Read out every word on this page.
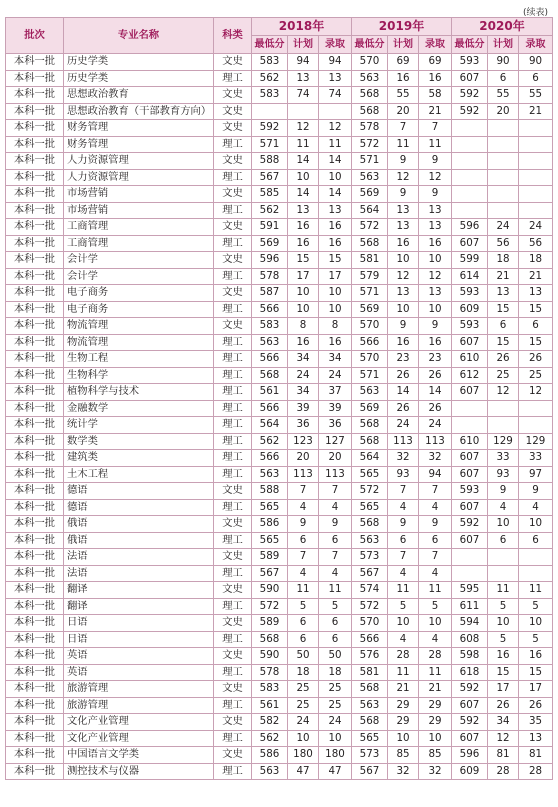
(续表)
批次	专业名称	科类	2018年			2019年			2020年		
			最低分	计划	录取	最低分	计划	录取	最低分	计划	录取
本科一批	历史学类	文史	583	94	94	570	69	69	593	90	90
本科一批	历史学类	理工	562	13	13	563	16	16	607	6	6
本科一批	思想政治教育	文史	583	74	74	568	55	58	592	55	55
本科一批	思想政治教育（干部教育方向）	文史				568	20	21	592	20	21
本科一批	财务管理	文史	592	12	12	578	7	7			
本科一批	财务管理	理工	571	11	11	572	11	11			
本科一批	人力资源管理	文史	588	14	14	571	9	9			
本科一批	人力资源管理	理工	567	10	10	563	12	12			
本科一批	市场营销	文史	585	14	14	569	9	9			
本科一批	市场营销	理工	562	13	13	564	13	13			
本科一批	工商管理	文史	591	16	16	572	13	13	596	24	24
本科一批	工商管理	理工	569	16	16	568	16	16	607	56	56
本科一批	会计学	文史	596	15	15	581	10	10	599	18	18
本科一批	会计学	理工	578	17	17	579	12	12	614	21	21
本科一批	电子商务	文史	587	10	10	571	13	13	593	13	13
本科一批	电子商务	理工	566	10	10	569	10	10	609	15	15
本科一批	物流管理	文史	583	8	8	570	9	9	593	6	6
本科一批	物流管理	理工	563	16	16	566	16	16	607	15	15
本科一批	生物工程	理工	566	34	34	570	23	23	610	26	26
本科一批	生物科学	理工	568	24	24	571	26	26	612	25	25
本科一批	植物科学与技术	理工	561	34	37	563	14	14	607	12	12
本科一批	金融数学	理工	566	39	39	569	26	26			
本科一批	统计学	理工	564	36	36	568	24	24			
本科一批	数学类	理工	562	123	127	568	113	113	610	129	129
本科一批	建筑类	理工	566	20	20	564	32	32	607	33	33
本科一批	土木工程	理工	563	113	113	565	93	94	607	93	97
本科一批	德语	文史	588	7	7	572	7	7	593	9	9
本科一批	德语	理工	565	4	4	565	4	4	607	4	4
本科一批	俄语	文史	586	9	9	568	9	9	592	10	10
本科一批	俄语	理工	565	6	6	563	6	6	607	6	6
本科一批	法语	文史	589	7	7	573	7	7			
本科一批	法语	理工	567	4	4	567	4	4			
本科一批	翻译	文史	590	11	11	574	11	11	595	11	11
本科一批	翻译	理工	572	5	5	572	5	5	611	5	5
本科一批	日语	文史	589	6	6	570	10	10	594	10	10
本科一批	日语	理工	568	6	6	566	4	4	608	5	5
本科一批	英语	文史	590	50	50	576	28	28	598	16	16
本科一批	英语	理工	578	18	18	581	11	11	618	15	15
本科一批	旅游管理	文史	583	25	25	568	21	21	592	17	17
本科一批	旅游管理	理工	561	25	25	563	29	29	607	26	26
本科一批	文化产业管理	文史	582	24	24	568	29	29	592	34	35
本科一批	文化产业管理	理工	562	10	10	565	10	10	607	12	13
本科一批	中国语言文学类	文史	586	180	180	573	85	85	596	81	81
本科一批	测控技术与仪器	理工	563	47	47	567	32	32	609	28	28
